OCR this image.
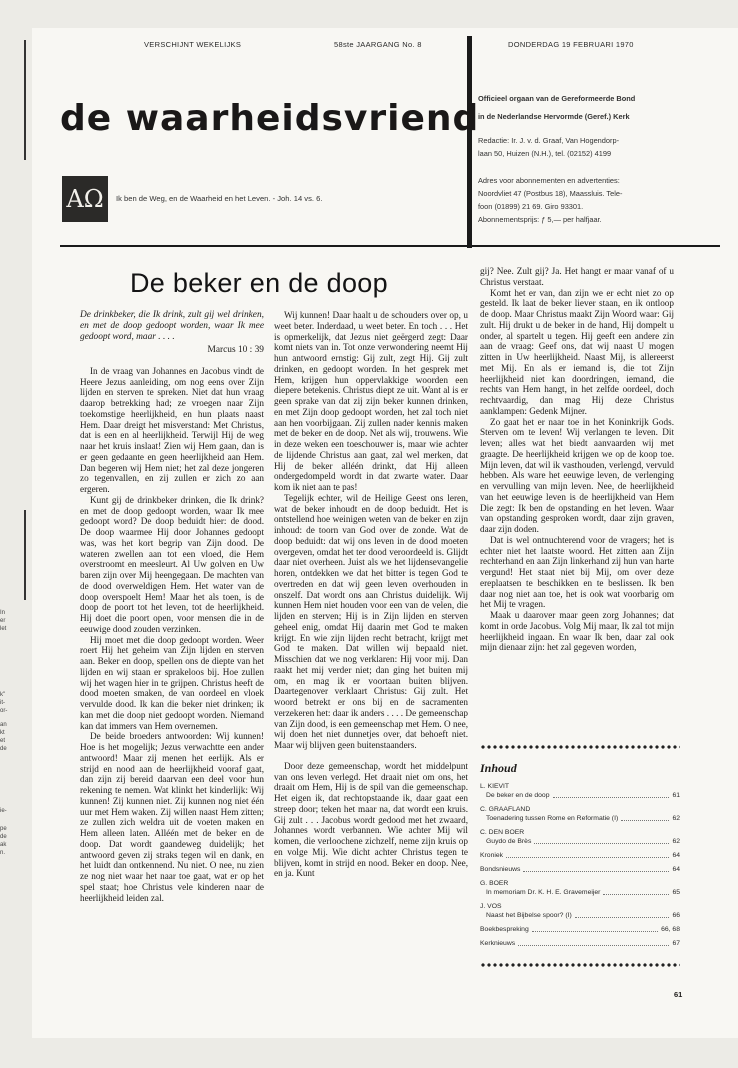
In
er
let
k"
it-
or-
an
kt
et
de
ie-
pe
de
ak
n.
VERSCHIJNT WEKELIJKS	58ste JAARGANG No. 8	DONDERDAG 19 FEBRUARI 1970
de waarheidsvriend
AΩ Ik ben de Weg, en de Waarheid en het Leven. - Joh. 14 vs. 6.
Officieel orgaan van de Gereformeerde Bond
in de Nederlandse Hervormde (Geref.) Kerk
Redactie: Ir. J. v. d. Graaf, Van Hogendorp-
laan 50, Huizen (N.H.), tel. (02152) 4199
Adres voor abonnementen en advertenties:
Noordvliet 47 (Postbus 18), Maassluis. Tele-
foon (01899) 21 69. Giro 93301.
Abonnementsprijs: ƒ 5,— per halfjaar.
De beker en de doop
De drinkbeker, die Ik drink, zult gij wel drinken, en met de doop gedoopt worden, waar Ik mee gedoopt word, maar . . . .
Marcus 10 : 39

In de vraag van Johannes en Jacobus vindt de Heere Jezus aanleiding, om nog eens over Zijn lijden en sterven te spreken. Niet dat hun vraag daarop betrekking had; ze vroegen naar Zijn toekomstige heerlijkheid, en hun plaats naast Hem. Daar dreigt het misverstand: Met Christus, dat is een en al heerlijkheid. Terwijl Hij de weg naar het kruis inslaat! Zien wij Hem gaan, dan is er geen gedaante en geen heerlijkheid aan Hem. Dan begeren wij Hem niet; het zal deze jongeren zo tegenvallen, en zij zullen er zich zo aan ergeren.

Kunt gij de drinkbeker drinken, die Ik drink? en met de doop gedoopt worden, waar Ik mee gedoopt word? De doop beduidt hier: de dood. De doop waarmee Hij door Johannes gedoopt was, was het kort begrip van Zijn dood. De wateren zwellen aan tot een vloed, die Hem overstroomt en meesleurt. Al Uw golven en Uw baren zijn over Mij heengegaan. De machten van de dood overweldigen Hem. Het water van de doop overspoelt Hem! Maar het als toen, is de doop de poort tot het leven, tot de heerlijkheid. Hij doet die poort open, voor mensen die in de eeuwige dood zouden verzinken.

Hij moet met die doop gedoopt worden. Weer roert Hij het geheim van Zijn lijden en sterven aan. Beker en doop, spellen ons de diepte van het lijden en wij staan er sprakeloos bij. Hoe zullen wij het wagen hier in te grijpen. Christus heeft de dood moeten smaken, de van oordeel en vloek vervulde dood. Ik kan die beker niet drinken; ik kan met die doop niet gedoopt worden. Niemand kan dat immers van Hem overnemen.

De beide broeders antwoorden: Wij kunnen! Hoe is het mogelijk; Jezus verwachtte een ander antwoord! Maar zij menen het eerlijk. Als er strijd en nood aan de heerlijkheid vooraf gaat, dan zijn zij bereid daarvan een deel voor hun rekening te nemen. Wat klinkt het kinderlijk: Wij kunnen! Zij kunnen niet. Zij kunnen nog niet één uur met Hem waken. Zij willen naast Hem zitten; ze zullen zich weldra uit de voeten maken en Hem alleen laten. Alléén met de beker en de doop. Dat wordt gaandeweg duidelijk; het antwoord geven zij straks tegen wil en dank, en het luidt dan ontkennend. Nu niet. O nee, nu zien ze nog niet waar het naar toe gaat, wat er op het spel staat; hoe Christus vele kinderen naar de heerlijkheid leiden zal.

Wij kunnen! Daar haalt u de schouders over op, u weet beter. Inderdaad, u weet beter. En toch . . . Het is opmerkelijk, dat Jezus niet geërgerd zegt: Daar komt niets van in. Tot onze verwondering neemt Hij hun antwoord ernstig: Gij zult, zegt Hij. Gij zult drinken, en gedoopt worden. In het gesprek met Hem, krijgen hun oppervlakkige woorden een diepere betekenis. Christus diept ze uit. Want al is er geen sprake van dat zij zijn beker kunnen drinken, en met Zijn doop gedoopt worden, het zal toch niet aan hen voorbijgaan. Zij zullen nader kennis maken met de beker en de doop. Net als wij, trouwens. Wie in deze weken een toeschouwer is, maar wie achter de lijdende Christus aan gaat, zal wel merken, dat Hij de beker alléén drinkt, dat Hij alleen ondergedompeld wordt in dat zwarte water. Daar kom ik niet aan te pas!

Tegelijk echter, wil de Heilige Geest ons leren, wat de beker inhoudt en de doop beduidt. Het is ontstellend hoe weinigen weten van de beker en zijn inhoud: de toorn van God over de zonde. Wat de doop beduidt: dat wij ons leven in de dood moeten overgeven, omdat het ter dood veroordeeld is. Glijdt daar niet overheen. Juist als we het lijdensevangelie horen, ontdekken we dat het bitter is tegen God te overtreden en dat wij geen leven overhouden in onszelf. Dat wordt ons aan Christus duidelijk. Wij kunnen Hem niet houden voor een van de velen, die lijden en sterven; Hij is in Zijn lijden en sterven geheel enig, omdat Hij daarin met God te maken krijgt. En wie zijn lijden recht betracht, krijgt met God te maken. Dat willen wij bepaald niet. Misschien dat we nog verklaren: Hij voor mij. Dan raakt het mij verder niet; dan ging het buiten mij om, en mag ik er voortaan buiten blijven. Daartegenover verklaart Christus: Gij zult. Het woord betrekt er ons bij en de sacramenten verzekeren het: daar ik anders . . . . De gemeenschap van Zijn dood, is een gemeenschap met Hem. O nee, wij doen het niet dunnetjes over, dat behoeft niet. Maar wij blijven geen buitenstaanders.

Door deze gemeenschap, wordt het middelpunt van ons leven verlegd. Het draait niet om ons, het draait om Hem, Hij is de spil van die gemeenschap. Het eigen ik, dat rechtopstaande ik, daar gaat een streep door; teken het maar na, dat wordt een kruis. Gij zult . . . Jacobus wordt gedood met het zwaard, Johannes wordt verbannen. Wie achter Mij wil komen, die verloochene zichzelf, neme zijn kruis op en volge Mij. Wie dicht achter Christus tegen te blijven, komt in strijd en nood. Beker en doop. Nee, en ja. Kunt

gij? Nee. Zult gij? Ja. Het hangt er maar vanaf of u Christus verstaat.

Komt het er van, dan zijn we er echt niet zo op gesteld. Ik laat de beker liever staan, en ik ontloop de doop. Maar Christus maakt Zijn Woord waar: Gij zult. Hij drukt u de beker in de hand, Hij dompelt u onder, al spartelt u tegen. Hij geeft een andere zin aan de vraag: Geef ons, dat wij naast U mogen zitten in Uw heerlijkheid. Naast Mij, is allereerst met Mij. En als er iemand is, die tot Zijn heerlijkheid niet kan doordringen, iemand, die rechts van Hem hangt, in het zelfde oordeel, doch rechtvaardig, dan mag Hij deze Christus aanklampen: Gedenk Mijner.

Zo gaat het er naar toe in het Koninkrijk Gods. Sterven om te leven! Wij verlangen te leven. Dit leven; alles wat het biedt aanvaarden wij met graagte. De heerlijkheid krijgen we op de koop toe. Mijn leven, dat wil ik vasthouden, verlengd, vervuld hebben. Als ware het eeuwige leven, de verlenging en vervulling van mijn leven. Nee, de heerlijkheid van het eeuwige leven is de heerlijkheid van Hem Die zegt: Ik ben de opstanding en het leven. Waar van opstanding gesproken wordt, daar zijn graven, daar zijn doden.

Dat is wel ontnuchterend voor de vragers; het is echter niet het laatste woord. Het zitten aan Zijn rechterhand en aan Zijn linkerhand zij hun van harte vergund! Het staat niet bij Mij, om over deze ereplaatsen te beschikken en te beslissen. Ik ben daar nog niet aan toe, het is ook wat voorbarig om het Mij te vragen.

Maak u daarover maar geen zorg Johannes; dat komt in orde Jacobus. Volg Mij maar, Ik zal tot mijn heerlijkheid ingaan. En waar Ik ben, daar zal ook mijn dienaar zijn: het zal gegeven worden,

Inhoud
L. KIEVIT
De beker en de doop	61
C. GRAAFLAND
Toenadering tussen Rome en Reformatie (I)	62
C. DEN BOER
Guydo de Brès	62
Kroniek	64
Bondsnieuws	64
G. BOER
In memoriam Dr. K. H. E. Gravemeijer	65
J. VOS
Naast het Bijbelse spoor? (I)	66
Boekbespreking	66, 68
Kerknieuws	67
61
